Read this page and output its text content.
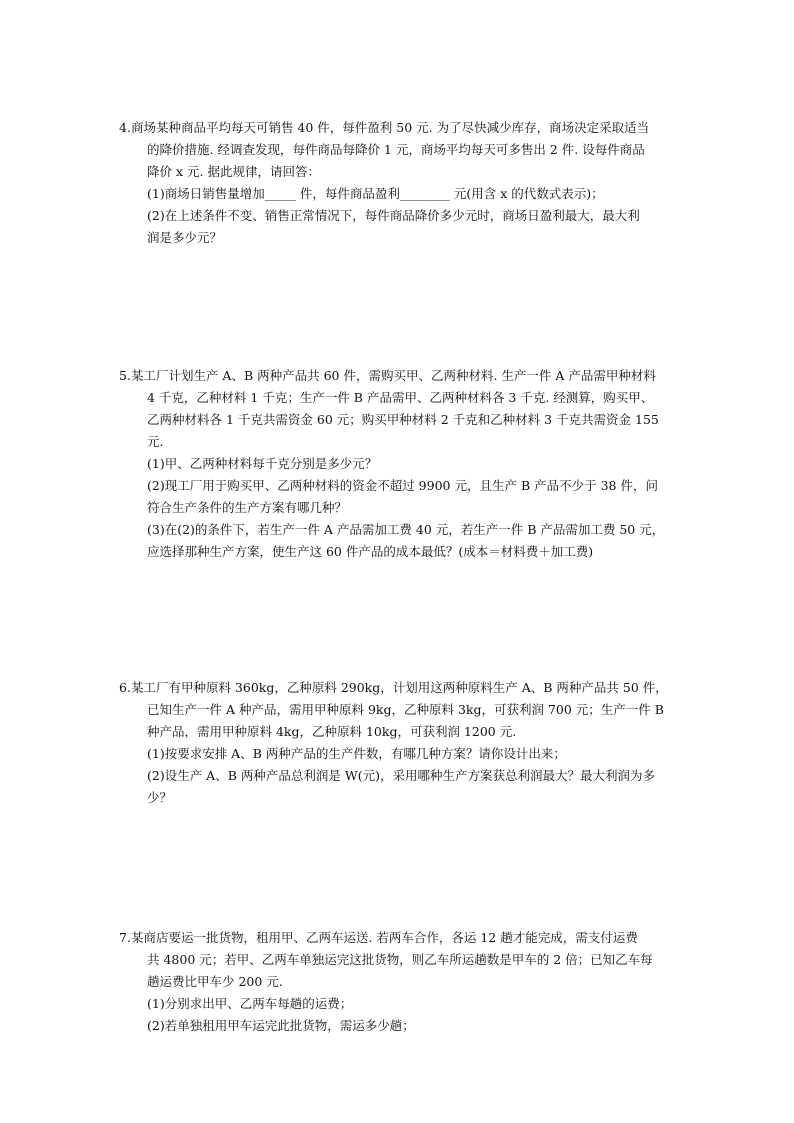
4.商场某种商品平均每天可销售 40 件，每件盈利 50 元. 为了尽快减少库存，商场决定采取适当
的降价措施. 经调查发现，每件商品每降价 1 元，商场平均每天可多售出 2 件. 设每件商品
降价 x 元. 据此规律，请回答：
(1)商场日销售量增加_____ 件，每件商品盈利________ 元(用含 x 的代数式表示)；
(2)在上述条件不变、销售正常情况下，每件商品降价多少元时，商场日盈利最大，最大利
润是多少元？
5.某工厂计划生产 A、B 两种产品共 60 件，需购买甲、乙两种材料. 生产一件 A 产品需甲种材料
4 千克，乙种材料 1 千克；生产一件 B 产品需甲、乙两种材料各 3 千克. 经测算，购买甲、
乙两种材料各 1 千克共需资金 60 元；购买甲种材料 2 千克和乙种材料 3 千克共需资金 155
元.
(1)甲、乙两种材料每千克分别是多少元？
(2)现工厂用于购买甲、乙两种材料的资金不超过 9900 元，且生产 B 产品不少于 38 件，问
符合生产条件的生产方案有哪几种？
(3)在(2)的条件下，若生产一件 A 产品需加工费 40 元，若生产一件 B 产品需加工费 50 元，
应选择那种生产方案，使生产这 60 件产品的成本最低？(成本＝材料费＋加工费)
6.某工厂有甲种原料 360kg，乙种原料 290kg，计划用这两种原料生产 A、B 两种产品共 50 件，
已知生产一件 A 种产品，需用甲种原料 9kg，乙种原料 3kg，可获利润 700 元；生产一件 B
种产品，需用甲种原料 4kg，乙种原料 10kg，可获利润 1200 元.
(1)按要求安排 A、B 两种产品的生产件数，有哪几种方案？请你设计出来；
(2)设生产 A、B 两种产品总利润是 W(元)，采用哪种生产方案获总利润最大？最大利润为多
少？
7.某商店要运一批货物，租用甲、乙两车运送. 若两车合作，各运 12 趟才能完成，需支付运费
共 4800 元；若甲、乙两车单独运完这批货物，则乙车所运趟数是甲车的 2 倍；已知乙车每
趟运费比甲车少 200 元.
(1)分别求出甲、乙两车每趟的运费；
(2)若单独租用甲车运完此批货物，需运多少趟；
